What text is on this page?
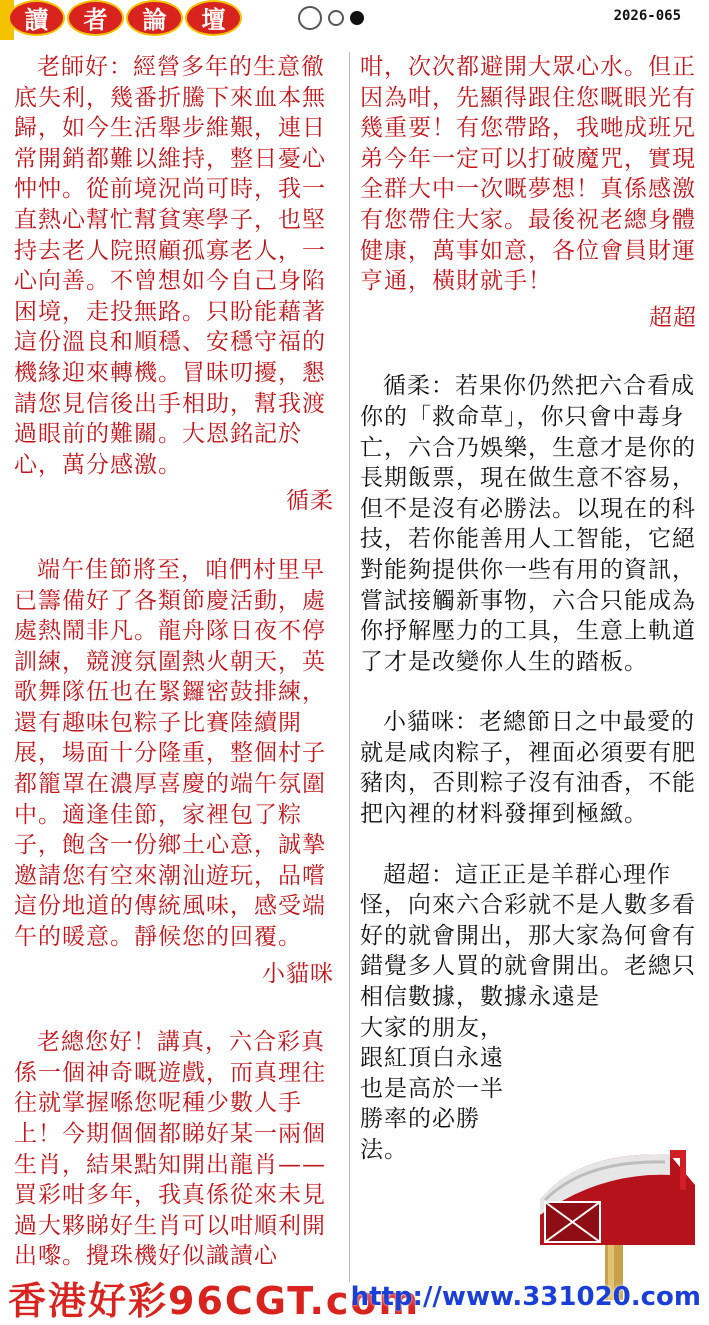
讀	者	論	壇	2026-065

老師好：經營多年的生意徹底失利，幾番折騰下來血本無歸，如今生活舉步維艱，連日常開銷都難以維持，整日憂心忡忡。從前境況尚可時，我一直熱心幫忙幫貧寒學子，也堅持去老人院照顧孤寡老人，一心向善。不曾想如今自己身陷困境，走投無路。只盼能藉著這份溫良和順穩、安穩守福的機緣迎來轉機。冒昧叨擾，懇請您見信後出手相助，幫我渡過眼前的難關。大恩銘記於心，萬分感激。

循柔

端午佳節將至，咱們村里早已籌備好了各類節慶活動，處處熱鬧非凡。龍舟隊日夜不停訓練，競渡氛圍熱火朝天，英歌舞隊伍也在緊鑼密鼓排練，還有趣味包粽子比賽陸續開展，場面十分隆重，整個村子都籠罩在濃厚喜慶的端午氛圍中。適逢佳節，家裡包了粽子，飽含一份鄉土心意，誠摯邀請您有空來潮汕遊玩，品嚐這份地道的傳統風味，感受端午的暖意。靜候您的回覆。

小貓咪

老總您好！講真，六合彩真係一個神奇嘅遊戲，而真理往往就掌握喺您呢種少數人手上！今期個個都睇好某一兩個生肖，結果點知開出龍肖——買彩咁多年，我真係從來未見過大夥睇好生肖可以咁順利開出嚟。攪珠機好似識讀心

咁，次次都避開大眾心水。但正因為咁，先顯得跟住您嘅眼光有幾重要！有您帶路，我哋成班兄弟今年一定可以打破魔咒，實現全群大中一次嘅夢想！真係感激有您帶住大家。最後祝老總身體健康，萬事如意，各位會員財運亨通，橫財就手！

超超

循柔：若果你仍然把六合看成你的「救命草」，你只會中毒身亡，六合乃娛樂，生意才是你的長期飯票，現在做生意不容易，但不是沒有必勝法。以現在的科技，若你能善用人工智能，它絕對能夠提供你一些有用的資訊，嘗試接觸新事物，六合只能成為你抒解壓力的工具，生意上軌道了才是改變你人生的踏板。

小貓咪：老總節日之中最愛的就是咸肉粽子，裡面必須要有肥豬肉，否則粽子沒有油香，不能把內裡的材料發揮到極緻。

超超：這正正是羊群心理作怪，向來六合彩就不是人數多看好的就會開出，那大家為何會有錯覺多人買的就會開出。老總只相信數據，數據永遠是

大家的朋友，跟紅頂白永遠也是高於一半勝率的必勝法。

香港好彩96CGT.com
http://www.331020.com
